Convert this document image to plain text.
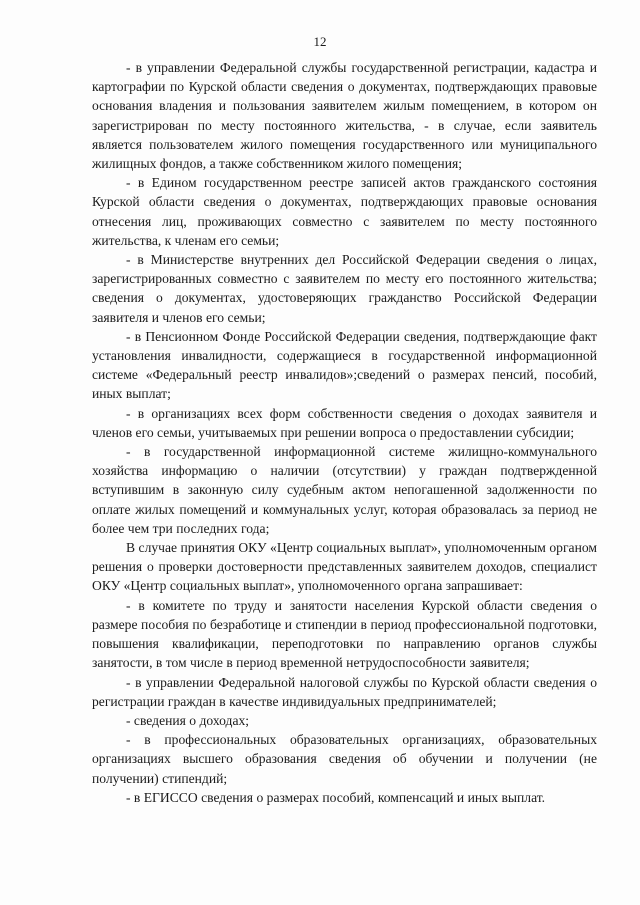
12

- в управлении Федеральной службы государственной регистрации, кадастра и картографии по Курской области сведения о документах, подтверждающих правовые основания владения и пользования заявителем жилым помещением, в котором он зарегистрирован по месту постоянного жительства, - в случае, если заявитель является пользователем жилого помещения государственного или муниципального жилищных фондов, а также собственником жилого помещения;

- в Едином государственном реестре записей актов гражданского состояния Курской области сведения о документах, подтверждающих правовые основания отнесения лиц, проживающих совместно с заявителем по месту постоянного жительства, к членам его семьи;

- в Министерстве внутренних дел Российской Федерации сведения о лицах, зарегистрированных совместно с заявителем по месту его постоянного жительства; сведения о документах, удостоверяющих гражданство Российской Федерации заявителя и членов его семьи;

- в Пенсионном Фонде Российской Федерации сведения, подтверждающие факт установления инвалидности, содержащиеся в государственной информационной системе «Федеральный реестр инвалидов»;сведений о размерах пенсий, пособий, иных выплат;

- в организациях всех форм собственности сведения о доходах заявителя и членов его семьи, учитываемых при решении вопроса о предоставлении субсидии;

- в государственной информационной системе жилищно-коммунального хозяйства информацию о наличии (отсутствии) у граждан подтвержденной вступившим в законную силу судебным актом непогашенной задолженности по оплате жилых помещений и коммунальных услуг, которая образовалась за период не более чем три последних года;

В случае принятия ОКУ «Центр социальных выплат», уполномоченным органом решения о проверки достоверности представленных заявителем доходов, специалист ОКУ «Центр социальных выплат», уполномоченного органа запрашивает:

- в комитете по труду и занятости населения Курской области сведения о размере пособия по безработице и стипендии в период профессиональной подготовки, повышения квалификации, переподготовки по направлению органов службы занятости, в том числе в период временной нетрудоспособности заявителя;

- в управлении Федеральной налоговой службы по Курской области сведения о регистрации граждан в качестве индивидуальных предпринимателей;

- сведения о доходах;

- в профессиональных образовательных организациях, образовательных организациях высшего образования сведения об обучении и получении (не получении) стипендий;

- в ЕГИССО сведения о размерах пособий, компенсаций и иных выплат.
